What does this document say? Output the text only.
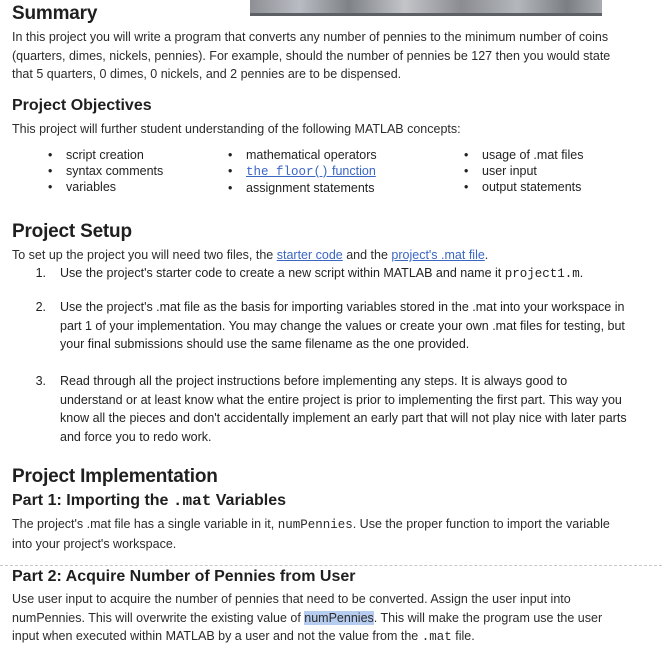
Summary

In this project you will write a program that converts any number of pennies to the minimum number of coins (quarters, dimes, nickels, pennies). For example, should the number of pennies be 127 then you would state that 5 quarters, 0 dimes, 0 nickels, and 2 pennies are to be dispensed.

Project Objectives

This project will further student understanding of the following MATLAB concepts:

• script creation
• syntax comments
• variables
• mathematical operators
• the floor() function
• assignment statements
• usage of .mat files
• user input
• output statements
Project Setup

To set up the project you will need two files, the starter code and the project's .mat file.

1. Use the project's starter code to create a new script within MATLAB and name it project1.m.
2. Use the project's .mat file as the basis for importing variables stored in the .mat into your workspace in part 1 of your implementation. You may change the values or create your own .mat files for testing, but your final submissions should use the same filename as the one provided.
3. Read through all the project instructions before implementing any steps. It is always good to understand or at least know what the entire project is prior to implementing the first part. This way you know all the pieces and don't accidentally implement an early part that will not play nice with later parts and force you to redo work.
Project Implementation
Part 1: Importing the .mat Variables

The project's .mat file has a single variable in it, numPennies. Use the proper function to import the variable into your project's workspace.

Part 2: Acquire Number of Pennies from User

Use user input to acquire the number of pennies that need to be converted. Assign the user input into numPennies. This will overwrite the existing value of numPennies. This will make the program use the user input when executed within MATLAB by a user and not the value from the .mat file.
